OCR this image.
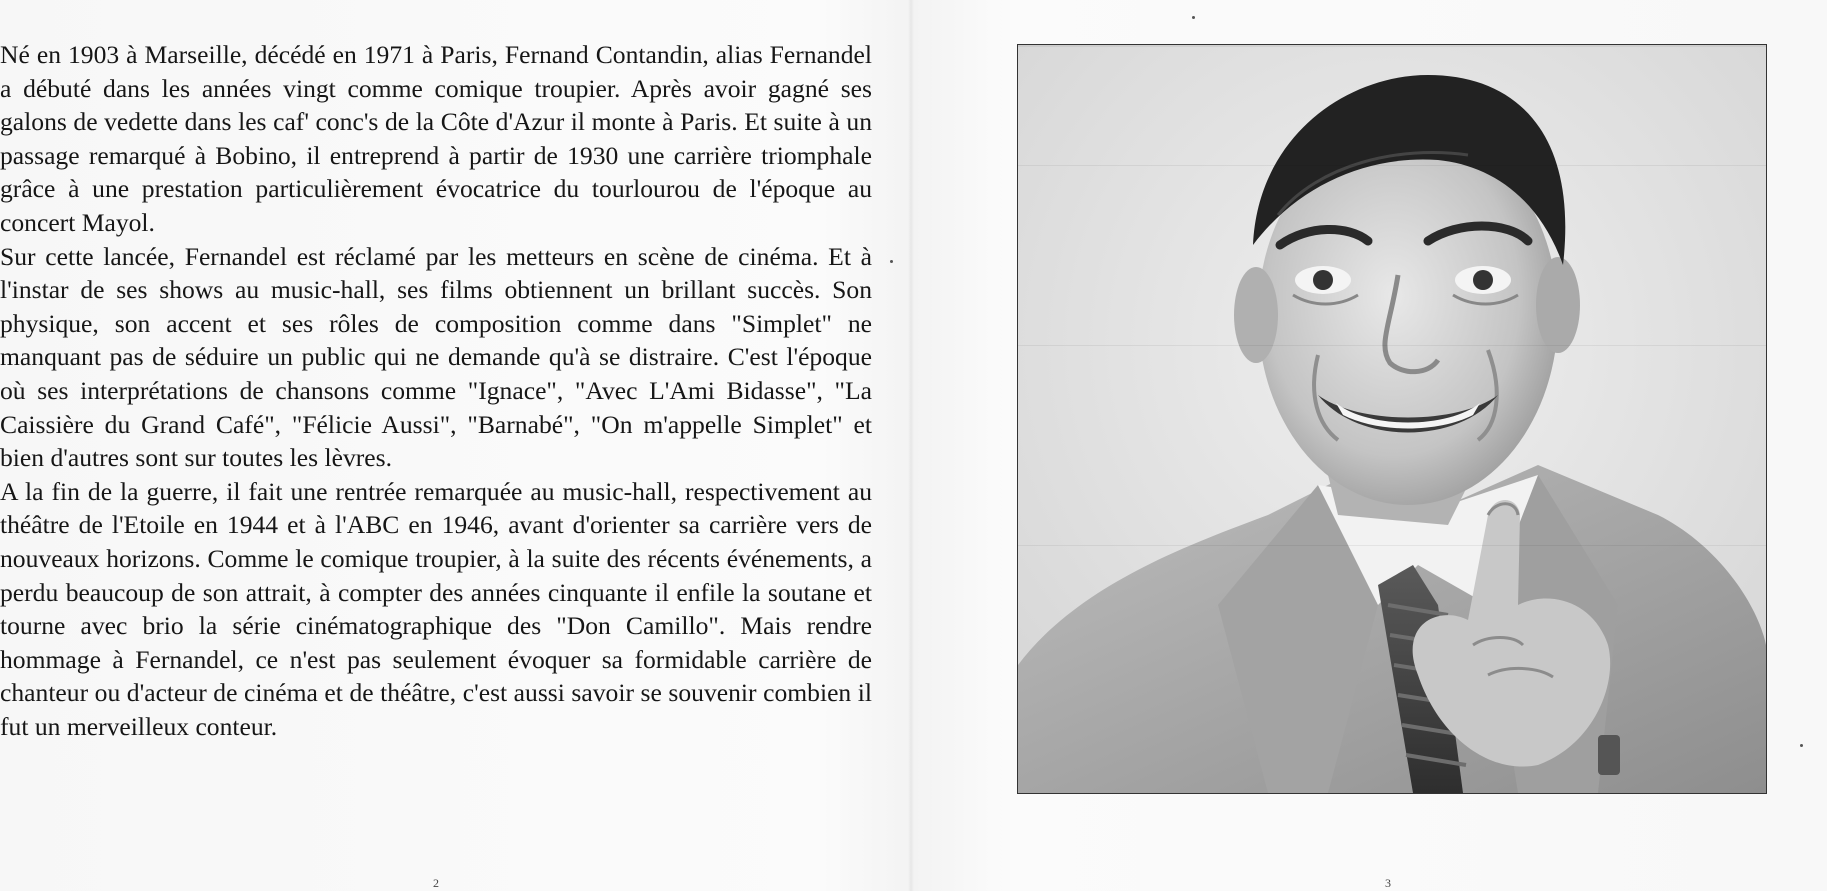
Né en 1903 à Marseille, décédé en 1971 à Paris, Fernand Contandin, alias Fernandel a débuté dans les années vingt comme comique troupier. Après avoir gagné ses galons de vedette dans les caf' conc's de la Côte d'Azur il monte à Paris. Et suite à un passage remarqué à Bobino, il entreprend à partir de 1930 une carrière triomphale grâce à une prestation particulièrement évocatrice du tourlourou de l'époque au concert Mayol.

Sur cette lancée, Fernandel est réclamé par les metteurs en scène de cinéma. Et à l'instar de ses shows au music-hall, ses films obtiennent un brillant succès. Son physique, son accent et ses rôles de composition comme dans "Simplet" ne manquant pas de séduire un public qui ne demande qu'à se distraire. C'est l'époque où ses interprétations de chansons comme "Ignace", "Avec L'Ami Bidasse", "La Caissière du Grand Café", "Félicie Aussi", "Barnabé", "On m'appelle Simplet" et bien d'autres sont sur toutes les lèvres.

A la fin de la guerre, il fait une rentrée remarquée au music-hall, respectivement au théâtre de l'Etoile en 1944 et à l'ABC en 1946, avant d'orienter sa carrière vers de nouveaux horizons. Comme le comique troupier, à la suite des récents événements, a perdu beaucoup de son attrait, à compter des années cinquante il enfile la soutane et tourne avec brio la série cinématographique des "Don Camillo". Mais rendre hommage à Fernandel, ce n'est pas seulement évoquer sa formidable carrière de chanteur ou d'acteur de cinéma et de théâtre, c'est aussi savoir se souvenir combien il fut un merveilleux conteur.

2	3
